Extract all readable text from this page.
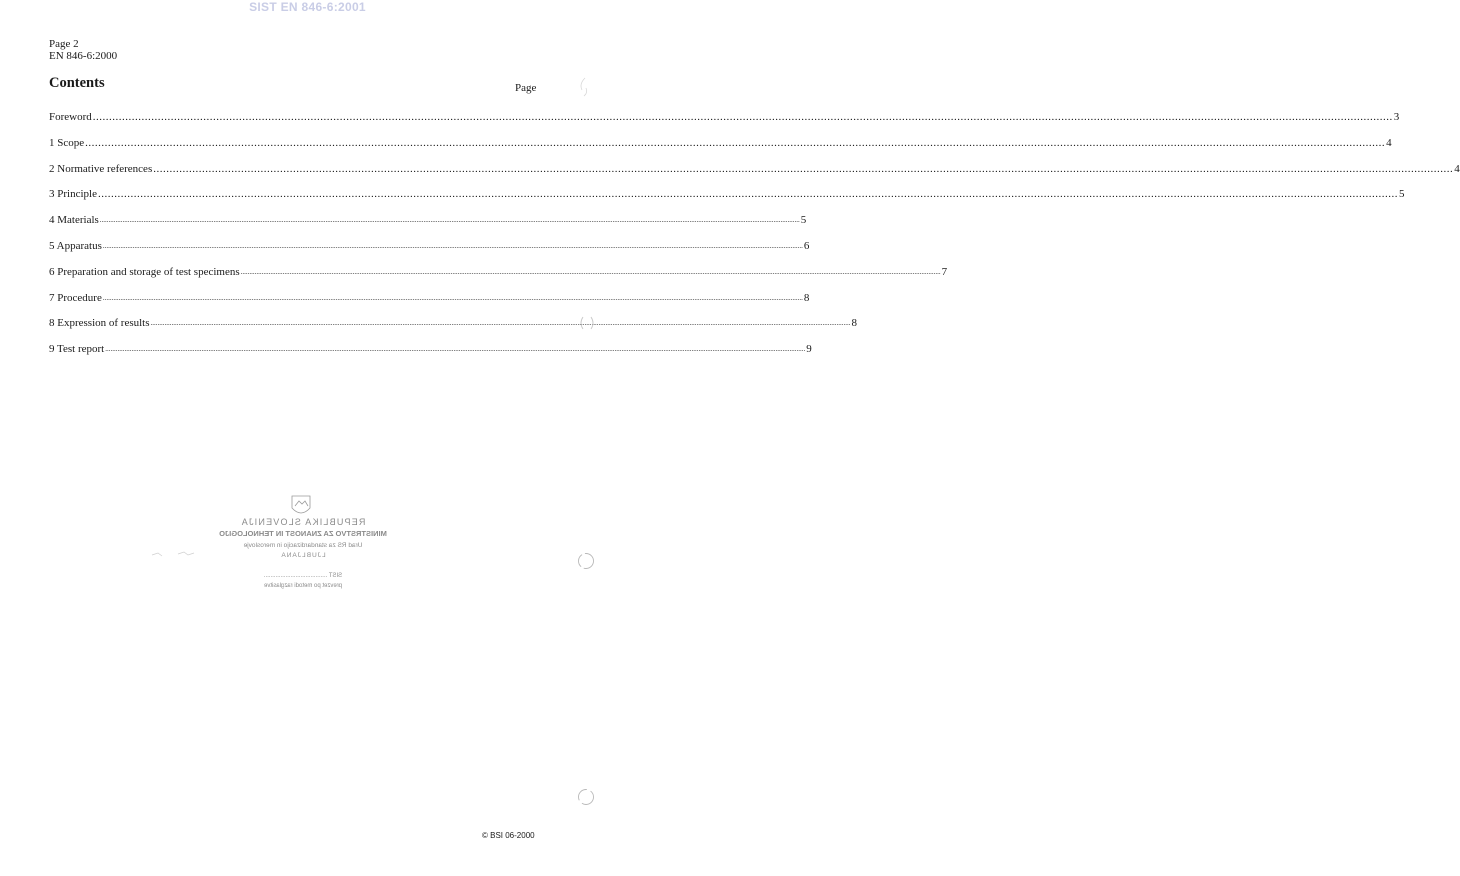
SIST EN 846-6:2001
Page 2
EN 846-6:2000
Contents	Page
Foreword ................................................................................................................................................................................................................................................................................................................................................................................................................ 3
1 Scope ................................................................................................................................................................................................................................................................................................................................................................................................................ 4
2 Normative references ................................................................................................................................................................................................................................................................................................................................................................................................................ 4
3 Principle ................................................................................................................................................................................................................................................................................................................................................................................................................ 5
4 Materials ................................................................................................................................................................................................................................................................................................................................................................................................................ 5
5 Apparatus ................................................................................................................................................................................................................................................................................................................................................................................................................ 6
6 Preparation and storage of test specimens ................................................................................................................................................................................................................................................................................................................................................................................................................ 7
7 Procedure ................................................................................................................................................................................................................................................................................................................................................................................................................ 8
8 Expression of results ................................................................................................................................................................................................................................................................................................................................................................................................................ 8
9 Test report ................................................................................................................................................................................................................................................................................................................................................................................................................ 9
REPUBLIKA SLOVENIJA
MINISTRSTVO ZA ZNANOST IN TEHNOLOGIJO
Urad RS za standardizacijo in meroslovje
LJUBLJANA
SIST ......................................
prevzet po metodi razglasitve
© BSI 06-2000
